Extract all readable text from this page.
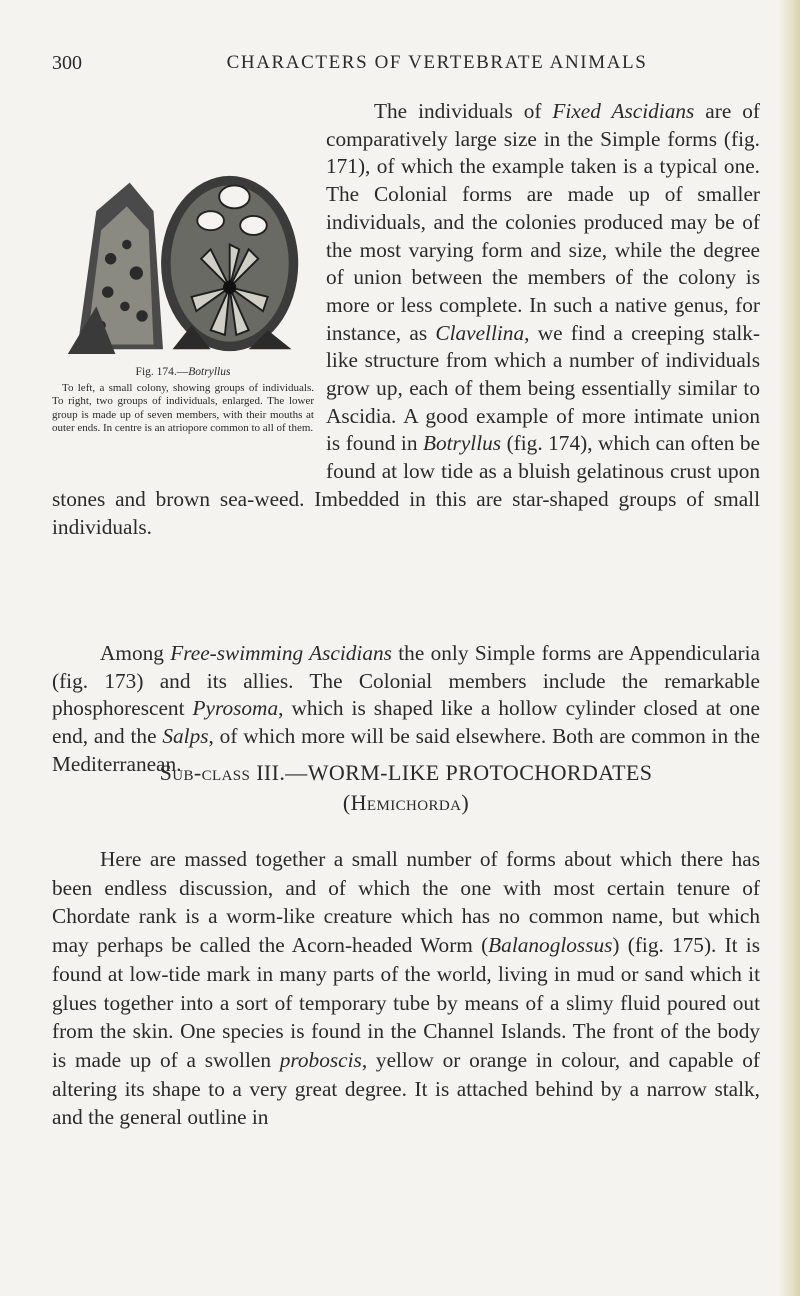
300	CHARACTERS OF VERTEBRATE ANIMALS

The individuals of Fixed Ascidians are of comparatively large size in the Simple forms (fig. 171), of which the example taken is a typical one. The Colonial forms are made up of smaller individuals, and the colonies produced may be of the most varying form and size, while the degree of union between the members of the colony is more or less complete. In such a native genus, for instance, as Clavellina, we find a creeping stalk-like structure from which a number of individuals grow up, each of them being essentially similar to Ascidia. A good example of more intimate union is found in Botryllus (fig. 174), which can often be found at low tide as a bluish gelatinous crust upon stones and brown sea-weed. Imbedded in this are star-shaped groups of small individuals.

Fig. 174.—Botryllus
To left, a small colony, showing groups of individuals. To right, two groups of individuals, enlarged. The lower group is made up of seven members, with their mouths at outer ends. In centre is an atriopore common to all of them.

Among Free-swimming Ascidians the only Simple forms are Appendicularia (fig. 173) and its allies. The Colonial members include the remarkable phosphorescent Pyrosoma, which is shaped like a hollow cylinder closed at one end, and the Salps, of which more will be said elsewhere. Both are common in the Mediterranean.

Sub-class III.—WORM-LIKE PROTOCHORDATES
(Hemichorda)

Here are massed together a small number of forms about which there has been endless discussion, and of which the one with most certain tenure of Chordate rank is a worm-like creature which has no common name, but which may perhaps be called the Acorn-headed Worm (Balanoglossus) (fig. 175). It is found at low-tide mark in many parts of the world, living in mud or sand which it glues together into a sort of temporary tube by means of a slimy fluid poured out from the skin. One species is found in the Channel Islands. The front of the body is made up of a swollen proboscis, yellow or orange in colour, and capable of altering its shape to a very great degree. It is attached behind by a narrow stalk, and the general outline in
